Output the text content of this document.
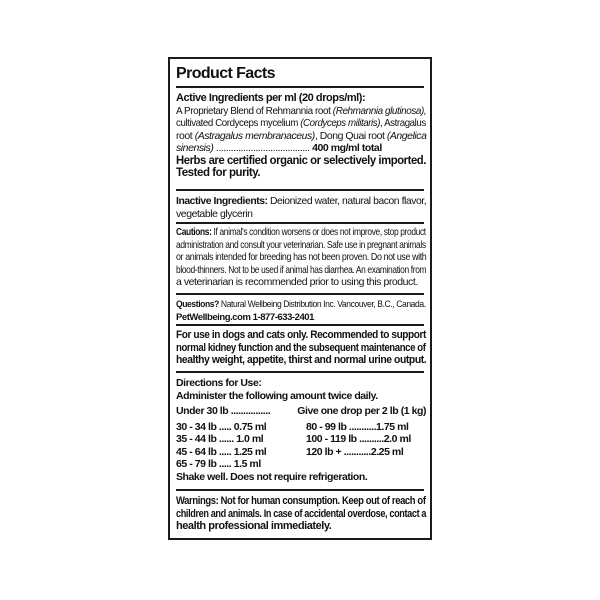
Product Facts
Active Ingredients per ml (20 drops/ml):
A Proprietary Blend of Rehmannia root (Rehmannia glutinosa),
cultivated Cordyceps mycelium (Cordyceps militaris), Astragalus
root (Astragalus membranaceus), Dong Quai root (Angelica
sinensis) ...................................... 400 mg/ml total
Herbs are certified organic or selectively imported.
Tested for purity.
Inactive Ingredients: Deionized water, natural bacon flavor,
vegetable glycerin
Cautions: If animal's condition worsens or does not improve, stop product
administration and consult your veterinarian. Safe use in pregnant animals
or animals intended for breeding has not been proven. Do not use with
blood-thinners. Not to be used if animal has diarrhea. An examination from
a veterinarian is recommended prior to using this product.
Questions? Natural Wellbeing Distribution Inc. Vancouver, B.C., Canada.
PetWellbeing.com 1-877-633-2401
For use in dogs and cats only. Recommended to support
normal kidney function and the subsequent maintenance of
healthy weight, appetite, thirst and normal urine output.
Directions for Use:
Administer the following amount twice daily.
Under 30 lb ................	Give one drop per 2 lb (1 kg)
30 - 34 lb ..... 0.75 ml	80 - 99 lb ...........1.75 ml
35 - 44 lb ...... 1.0 ml	100 - 119 lb ..........2.0 ml
45 - 64 lb ..... 1.25 ml	120 lb + ...........2.25 ml
65 - 79 lb ..... 1.5 ml
Shake well. Does not require refrigeration.
Warnings: Not for human consumption. Keep out of reach of
children and animals. In case of accidental overdose, contact a
health professional immediately.
